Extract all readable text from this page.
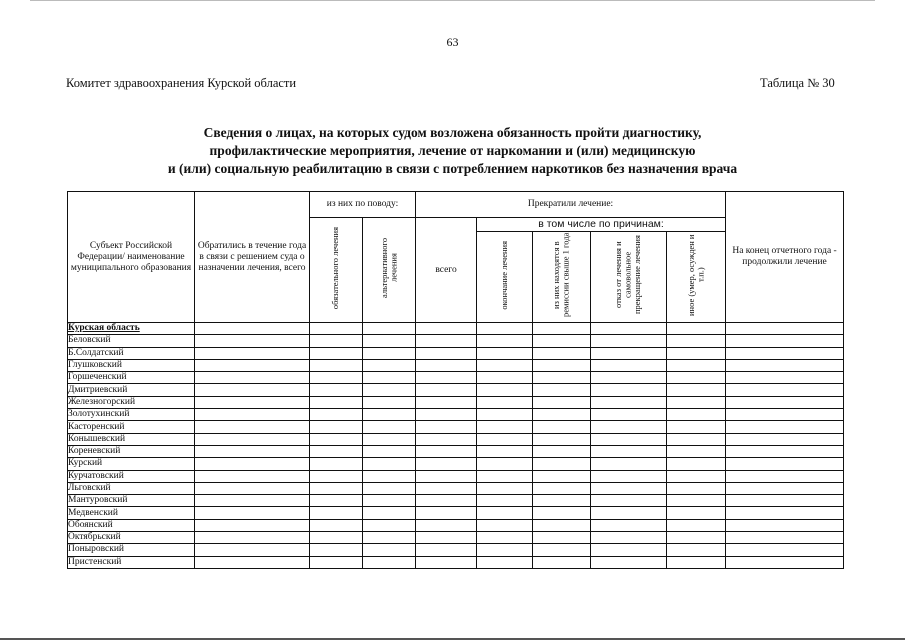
63
Комитет здравоохранения Курской области	Таблица № 30
Сведения о лицах, на которых судом возложена обязанность пройти диагностику,
профилактические мероприятия, лечение от наркомании и (или) медицинскую
и (или) социальную реабилитацию в связи с потреблением наркотиков без назначения врача
Субъект Российской Федерации/ наименование муниципального образования	Обратились в течение года в связи с решением суда о назначении лечения, всего	из них по поводу:		Прекратили лечение:					На конец отчетного года - продолжили лечение
		обязательного лечения	альтернативного лечения	всего	в том числе по причинам:				
					окончание лечения	из них находятся в ремиссии свыше 1 года	отказ от лечения и самовольное прекращение лечения	иное (умер, осужден и т.п.)	
Курская область									
Беловский									
Б.Солдатский									
Глушковский									
Горшеченский									
Дмитриевский									
Железногорский									
Золотухинский									
Касторенский									
Конышевский									
Кореневский									
Курский									
Курчатовский									
Льговский									
Мантуровский									
Медвенский									
Обоянский									
Октябрьский									
Поныровский									
Пристенский									
